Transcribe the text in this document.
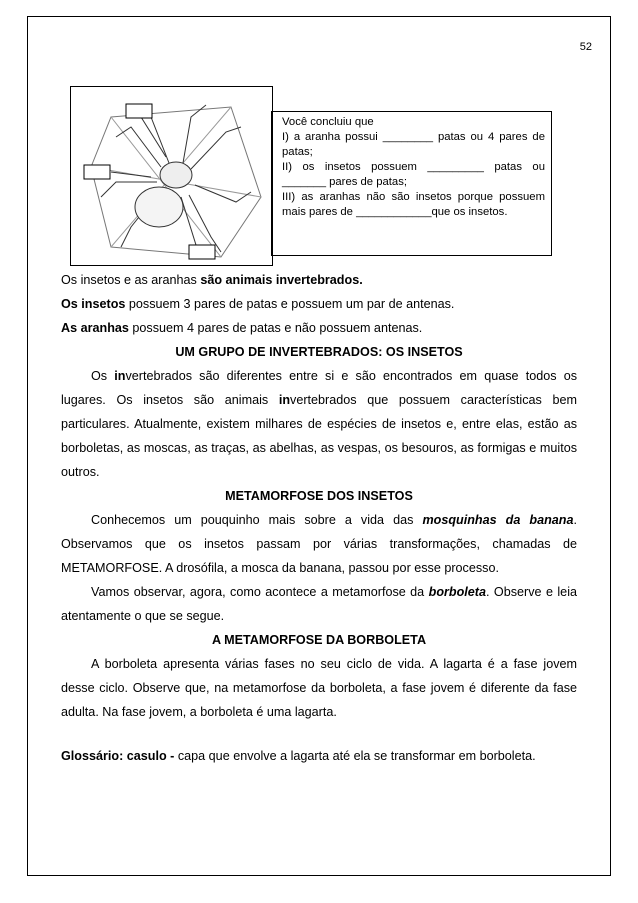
52
Você concluiu que
I) a aranha possui ________ patas ou 4 pares de patas;
II) os insetos possuem _________ patas ou _______ pares de patas;
III) as aranhas não são insetos porque possuem mais pares de ____________que os insetos.

Os insetos e as aranhas são animais invertebrados.

Os insetos possuem 3 pares de patas e possuem um par de antenas.

As aranhas possuem 4 pares de patas e não possuem antenas.

UM GRUPO DE INVERTEBRADOS: OS INSETOS

Os invertebrados são diferentes entre si e são encontrados em quase todos os lugares. Os insetos são animais invertebrados que possuem características bem particulares. Atualmente, existem milhares de espécies de insetos e, entre elas, estão as borboletas, as moscas, as traças, as abelhas, as vespas, os besouros, as formigas e muitos outros.

METAMORFOSE DOS INSETOS

Conhecemos um pouquinho mais sobre a vida das mosquinhas da banana. Observamos que os insetos passam por várias transformações, chamadas de METAMORFOSE. A drosófila, a mosca da banana, passou por esse processo.

Vamos observar, agora, como acontece a metamorfose da borboleta. Observe e leia atentamente o que se segue.

A METAMORFOSE DA BORBOLETA

A borboleta apresenta várias fases no seu ciclo de vida. A lagarta é a fase jovem desse ciclo. Observe que, na metamorfose da borboleta, a fase jovem é diferente da fase adulta. Na fase jovem, a borboleta é uma lagarta.

Glossário: casulo - capa que envolve a lagarta até ela se transformar em borboleta.
